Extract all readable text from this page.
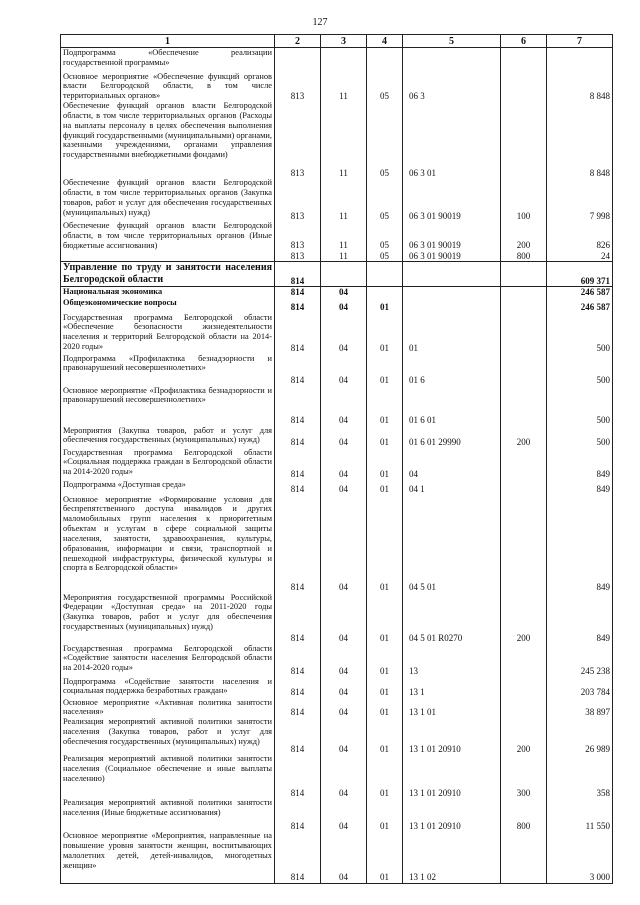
127
1	2	3	4	5	6	7
Подпрограмма «Обеспечение реализации государственной программы»						
Основное мероприятие «Обеспечение функций органов власти Белгородской области, в том числе территориальных органов»	813	11	05	06 3		8 848
Обеспечение функций органов власти Белгородской области, в том числе территориальных органов (Расходы на выплаты персоналу в целях обеспечения выполнения функций государственными (муниципальными) органами, казенными учреждениями, органами управления государственными внебюджетными фондами)	813	11	05	06 3 01		8 848
Обеспечение функций органов власти Белгородской области, в том числе территориальных органов (Закупка товаров, работ и услуг для обеспечения государственных (муниципальных) нужд)	813	11	05	06 3 01 90019	100	7 998
Обеспечение функций органов власти Белгородской области, в том числе территориальных органов (Иные бюджетные ассигнования)	813	11	05	06 3 01 90019	200	826
	813	11	05	06 3 01 90019	800	24
Управление по труду и занятости населения Белгородской области	814					609 371
Национальная экономика	814	04				246 587
Общеэкономические вопросы	814	04	01			246 587
Государственная программа Белгородской области «Обеспечение безопасности жизнедеятельности населения и территорий Белгородской области на 2014-2020 годы»	814	04	01	01		500
Подпрограмма «Профилактика безнадзорности и правонарушений несовершеннолетних»	814	04	01	01 6		500
Основное мероприятие «Профилактика безнадзорности и правонарушений несовершеннолетних»	814	04	01	01 6 01		500
Мероприятия (Закупка товаров, работ и услуг для обеспечения государственных (муниципальных) нужд)	814	04	01	01 6 01 29990	200	500
Государственная программа Белгородской области «Социальная поддержка граждан в Белгородской области на 2014-2020 годы»	814	04	01	04		849
Подпрограмма «Доступная среда»	814	04	01	04 1		849
Основное мероприятие «Формирование условия для беспрепятственного доступа инвалидов и других маломобильных групп населения к приоритетным объектам и услугам в сфере социальной защиты населения, занятости, здравоохранения, культуры, образования, информации и связи, транспортной и пешеходной инфраструктуры, физической культуры и спорта в Белгородской области»	814	04	01	04 5 01		849
Мероприятия государственной программы Российской Федерации «Доступная среда» на 2011-2020 годы (Закупка товаров, работ и услуг для обеспечения государственных (муниципальных) нужд)	814	04	01	04 5 01 R0270	200	849
Государственная программа Белгородской области «Содействие занятости населения Белгородской области на 2014-2020 годы»	814	04	01	13		245 238
Подпрограмма «Содействие занятости населения и социальная поддержка безработных граждан»	814	04	01	13 1		203 784
Основное мероприятие «Активная политика занятости населения»	814	04	01	13 1 01		38 897
Реализация мероприятий активной политики занятости населения (Закупка товаров, работ и услуг для обеспечения государственных (муниципальных) нужд)	814	04	01	13 1 01 20910	200	26 989
Реализация мероприятий активной политики занятости населения (Социальное обеспечение и иные выплаты населению)	814	04	01	13 1 01 20910	300	358
Реализация мероприятий активной политики занятости населения (Иные бюджетные ассигнования)	814	04	01	13 1 01 20910	800	11 550
Основное мероприятие «Мероприятия, направленные на повышение уровня занятости женщин, воспитывающих малолетних детей, детей-инвалидов, многодетных женщин»	814	04	01	13 1 02		3 000
